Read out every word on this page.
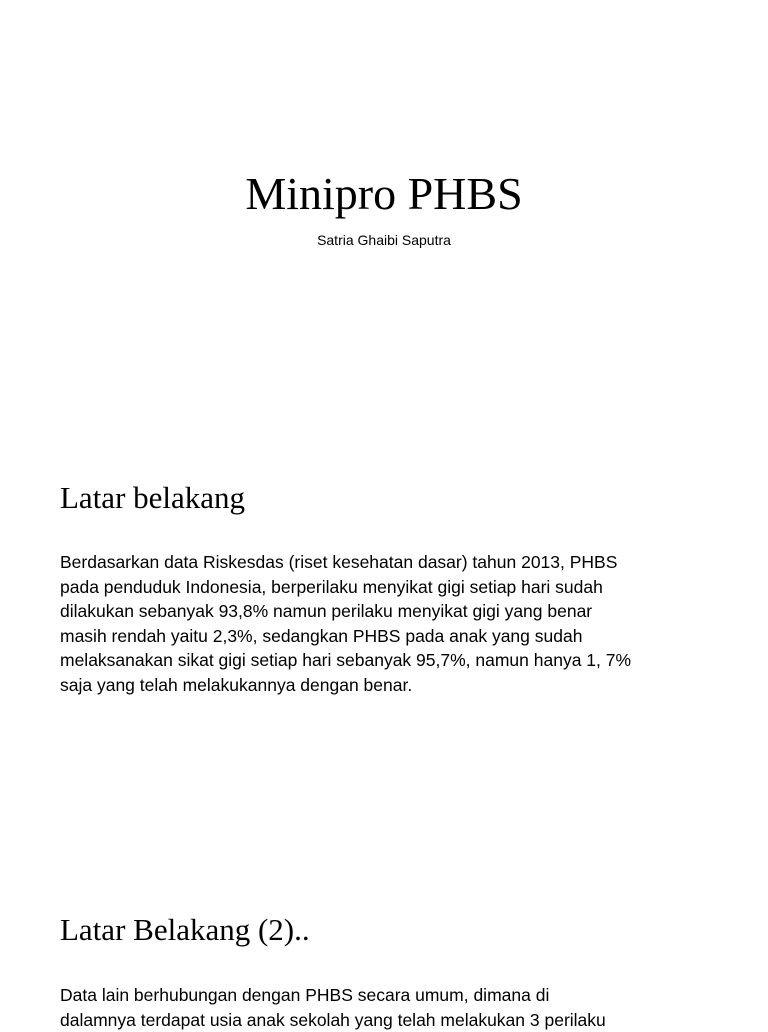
Minipro PHBS
Satria Ghaibi Saputra
Latar belakang
Berdasarkan data Riskesdas (riset kesehatan dasar) tahun 2013, PHBS
pada penduduk Indonesia, berperilaku menyikat gigi setiap hari sudah
dilakukan sebanyak 93,8% namun perilaku menyikat gigi yang benar
masih rendah yaitu 2,3%, sedangkan PHBS pada anak yang sudah
melaksanakan sikat gigi setiap hari sebanyak 95,7%, namun hanya 1, 7%
saja yang telah melakukannya dengan benar.
Latar Belakang (2)..
Data lain berhubungan dengan PHBS secara umum, dimana di
dalamnya terdapat usia anak sekolah yang telah melakukan 3 perilaku
